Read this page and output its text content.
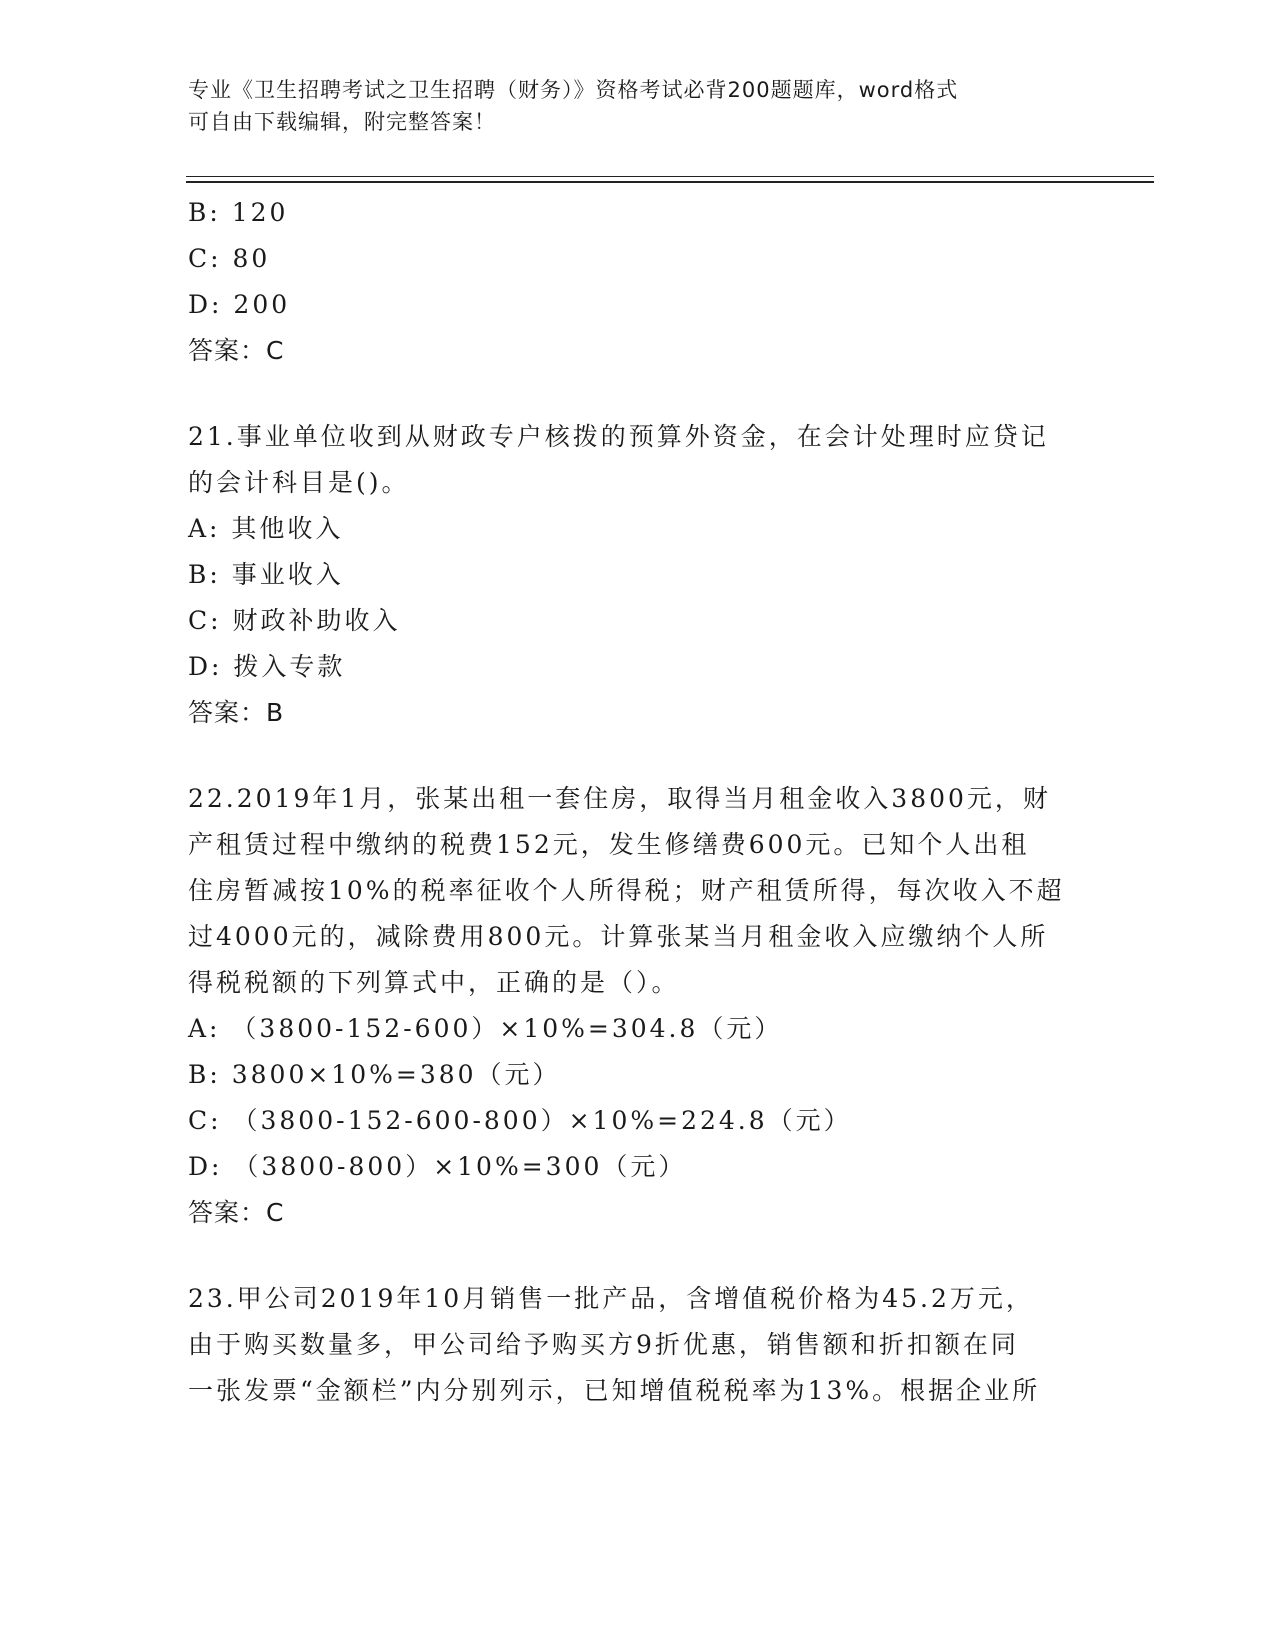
专业《卫生招聘考试之卫生招聘（财务）》资格考试必背200题题库，word格式
可自由下载编辑，附完整答案！
B: 120
C: 80
D: 200
答案：C
21.事业单位收到从财政专户核拨的预算外资金，在会计处理时应贷记
的会计科目是()。
A: 其他收入
B: 事业收入
C: 财政补助收入
D: 拨入专款
答案：B
22.2019年1月，张某出租一套住房，取得当月租金收入3800元，财
产租赁过程中缴纳的税费152元，发生修缮费600元。已知个人出租
住房暂减按10%的税率征收个人所得税；财产租赁所得，每次收入不超
过4000元的，减除费用800元。计算张某当月租金收入应缴纳个人所
得税税额的下列算式中，正确的是（）。
A: （3800-152-600）×10%=304.8（元）
B: 3800×10%=380（元）
C: （3800-152-600-800）×10%=224.8（元）
D: （3800-800）×10%=300（元）
答案：C
23.甲公司2019年10月销售一批产品，含增值税价格为45.2万元，
由于购买数量多，甲公司给予购买方9折优惠，销售额和折扣额在同
一张发票“金额栏”内分别列示，已知增值税税率为13%。根据企业所
